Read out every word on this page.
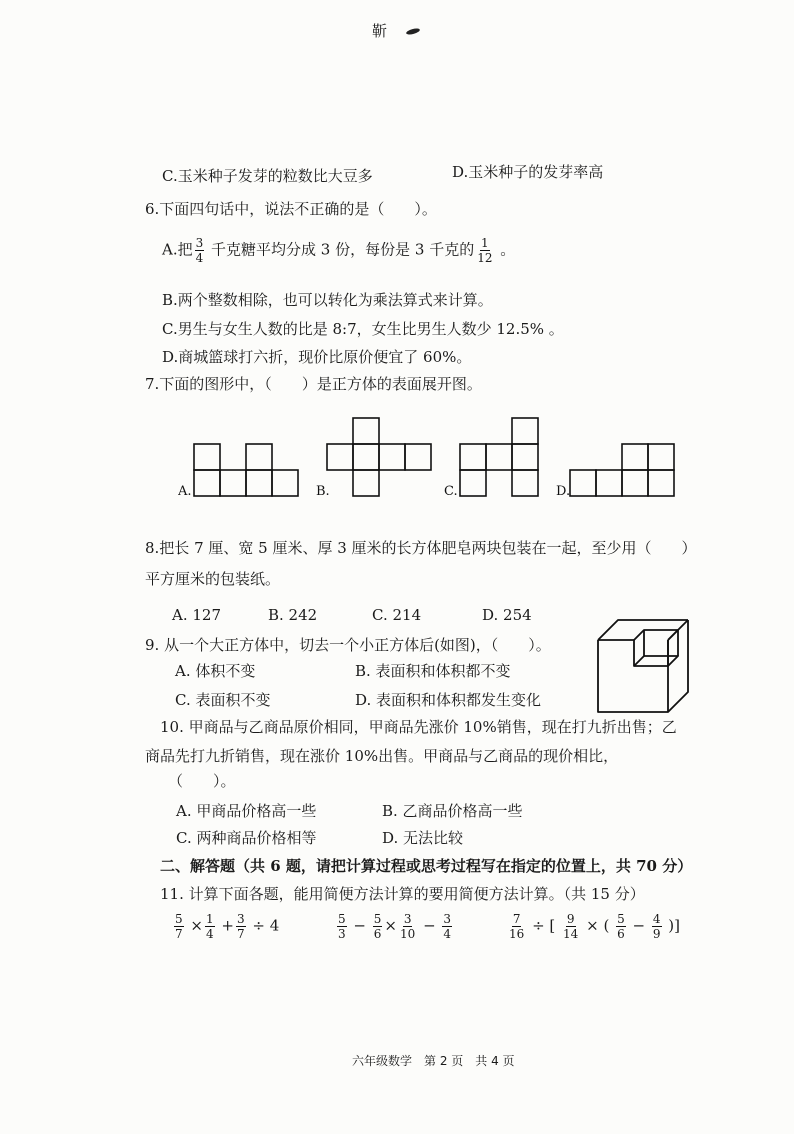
靳
C.玉米种子发芽的粒数比大豆多	D.玉米种子的发芽率高
6.下面四句话中，说法不正确的是（　　）。
A.把 $\frac{3}{4}$ 千克糖平均分成 3 份，每份是 3 千克的 $\frac{1}{12}$ 。
B.两个整数相除，也可以转化为乘法算式来计算。
C.男生与女生人数的比是 8:7，女生比男生人数少 12.5% 。
D.商城篮球打六折，现价比原价便宜了 60%。
7.下面的图形中，（　　）是正方体的表面展开图。
A.	B.	C.	D.
8.把长 7 厘、宽 5 厘米、厚 3 厘米的长方体肥皂两块包装在一起，至少用（　　）
平方厘米的包装纸。
A. 127	B. 242	C. 214	D. 254
9. 从一个大正方体中，切去一个小正方体后(如图)，（　　）。
A. 体积不变	B. 表面积和体积都不变
C. 表面积不变	D. 表面积和体积都发生变化
10. 甲商品与乙商品原价相同，甲商品先涨价 10%销售，现在打九折出售；乙
商品先打九折销售，现在涨价 10%出售。甲商品与乙商品的现价相比，
（　　）。
A. 甲商品价格高一些	B. 乙商品价格高一些
C. 两种商品价格相等	D. 无法比较
二、解答题（共 6 题，请把计算过程或思考过程写在指定的位置上，共 70 分）
11. 计算下面各题，能用简便方法计算的要用简便方法计算。（共 15 分）
$\frac{5}{7} \times \frac{1}{4} + \frac{3}{7} \div 4$	$\frac{5}{3} - \frac{5}{6} \times \frac{3}{10} - \frac{3}{4}$	$\frac{7}{16}$ ÷ [ $\frac{9}{14}$ × ( $\frac{5}{6} - \frac{4}{9}$ )]
六年级数学　第 2 页　共 4 页
